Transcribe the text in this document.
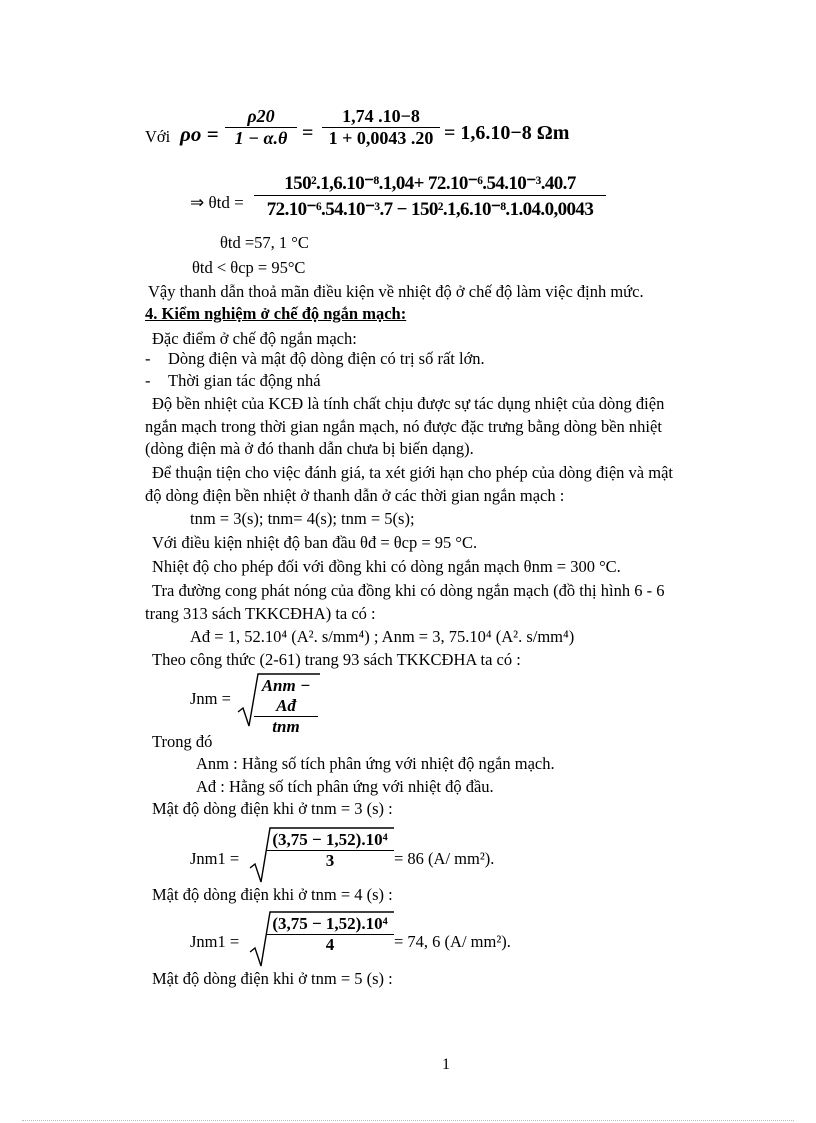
Với $\rho o = \frac{\rho 20}{1 - \alpha.\theta} = \frac{1,74 .10-8}{1 + 0,0043 .20} = 1,6.10-8$ Ωm
⇒ $\theta td = \frac{\text{150².1,6.10⁻⁸.1,04+ 72.10⁻⁶.54.10⁻³.40.7}}{\text{72.10⁻⁶.54.10⁻³.7 − 150².1,6.10⁻⁸.1.04.0,0043}}$
θtd =57, 1 °C
θtd < θcp = 95°C
Vậy thanh dẫn thoả mãn điều kiện về nhiệt độ ở chế độ làm việc định mức.
4. Kiểm nghiệm ở chế độ ngắn mạch:
Đặc điểm ở chế độ ngắn mạch:
- Dòng điện và mật độ dòng điện có trị số rất lớn.
- Thời gian tác động nhá
Độ bền nhiệt của KCĐ là tính chất chịu được sự tác dụng nhiệt của dòng điện
ngắn mạch trong thời gian ngắn mạch, nó được đặc trưng bằng dòng bền nhiệt
(dòng điện mà ở đó thanh dẫn chưa bị biến dạng).
Để thuận tiện cho việc đánh giá, ta xét giới hạn cho phép của dòng điện và mật
độ dòng điện bền nhiệt ở thanh dẫn ở các thời gian ngắn mạch :
tnm = 3(s); tnm= 4(s); tnm = 5(s);
Với điều kiện nhiệt độ ban đầu θđ = θcp = 95 °C.
Nhiệt độ cho phép đối với đồng khi có dòng ngắn mạch θnm = 300 °C.
Tra đường cong phát nóng của đồng khi có dòng ngắn mạch (đồ thị hình 6 - 6
trang 313 sách TKKCĐHA) ta có :
Ađ = 1, 52.10⁴ (A². s/mm⁴) ; Anm = 3, 75.10⁴ (A². s/mm⁴)
Theo công thức (2-61) trang 93 sách TKKCĐHA ta có :
Jnm =
Anm − Ađ
tnm
Trong đó
Anm : Hằng số tích phân ứng với nhiệt độ ngắn mạch.
Ađ : Hằng số tích phân ứng với nhiệt độ đầu.
Mật độ dòng điện khi ở tnm = 3 (s) :
$Jnm1 = \frac{\text{(3,75 − 1,52).10⁴}}{3} = 86$ (A/ mm²).
Mật độ dòng điện khi ở tnm = 4 (s) :
$Jnm1 = \frac{\text{(3,75 − 1,52).10⁴}}{4} = 74$, 6 (A/ mm²).
Mật độ dòng điện khi ở tnm = 5 (s) :
1
